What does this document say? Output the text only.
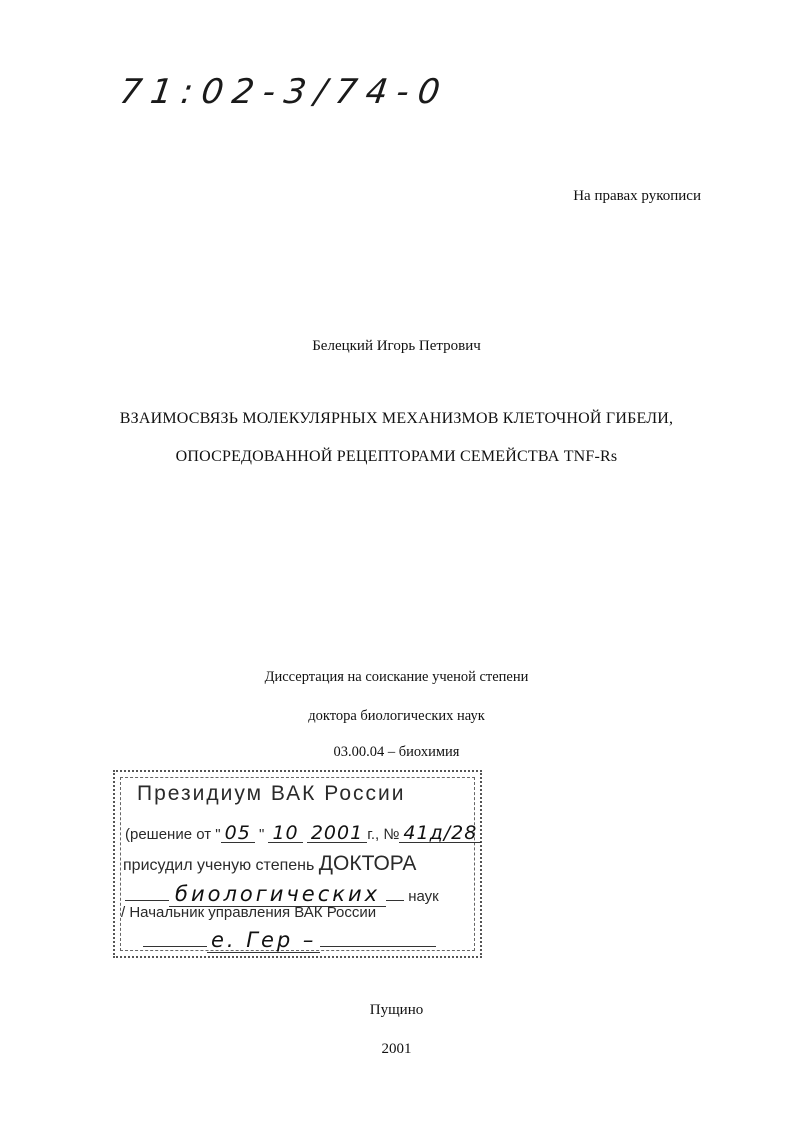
71:02-3/74-0
На правах рукописи
Белецкий Игорь Петрович
ВЗАИМОСВЯЗЬ МОЛЕКУЛЯРНЫХ МЕХАНИЗМОВ КЛЕТОЧНОЙ ГИБЕЛИ,
ОПОСРЕДОВАННОЙ РЕЦЕПТОРАМИ СЕМЕЙСТВА TNF-Rs
Диссертация на соискание ученой степени
доктора биологических наук
03.00.04 – биохимия
Президиум ВАК России
(решение от " 05 " 10 2001 г., № 41д/28
присудил ученую степень ДОКТОРА
биологических наук
/ Начальник управления ВАК России
е. Гер –
Пущино
2001
